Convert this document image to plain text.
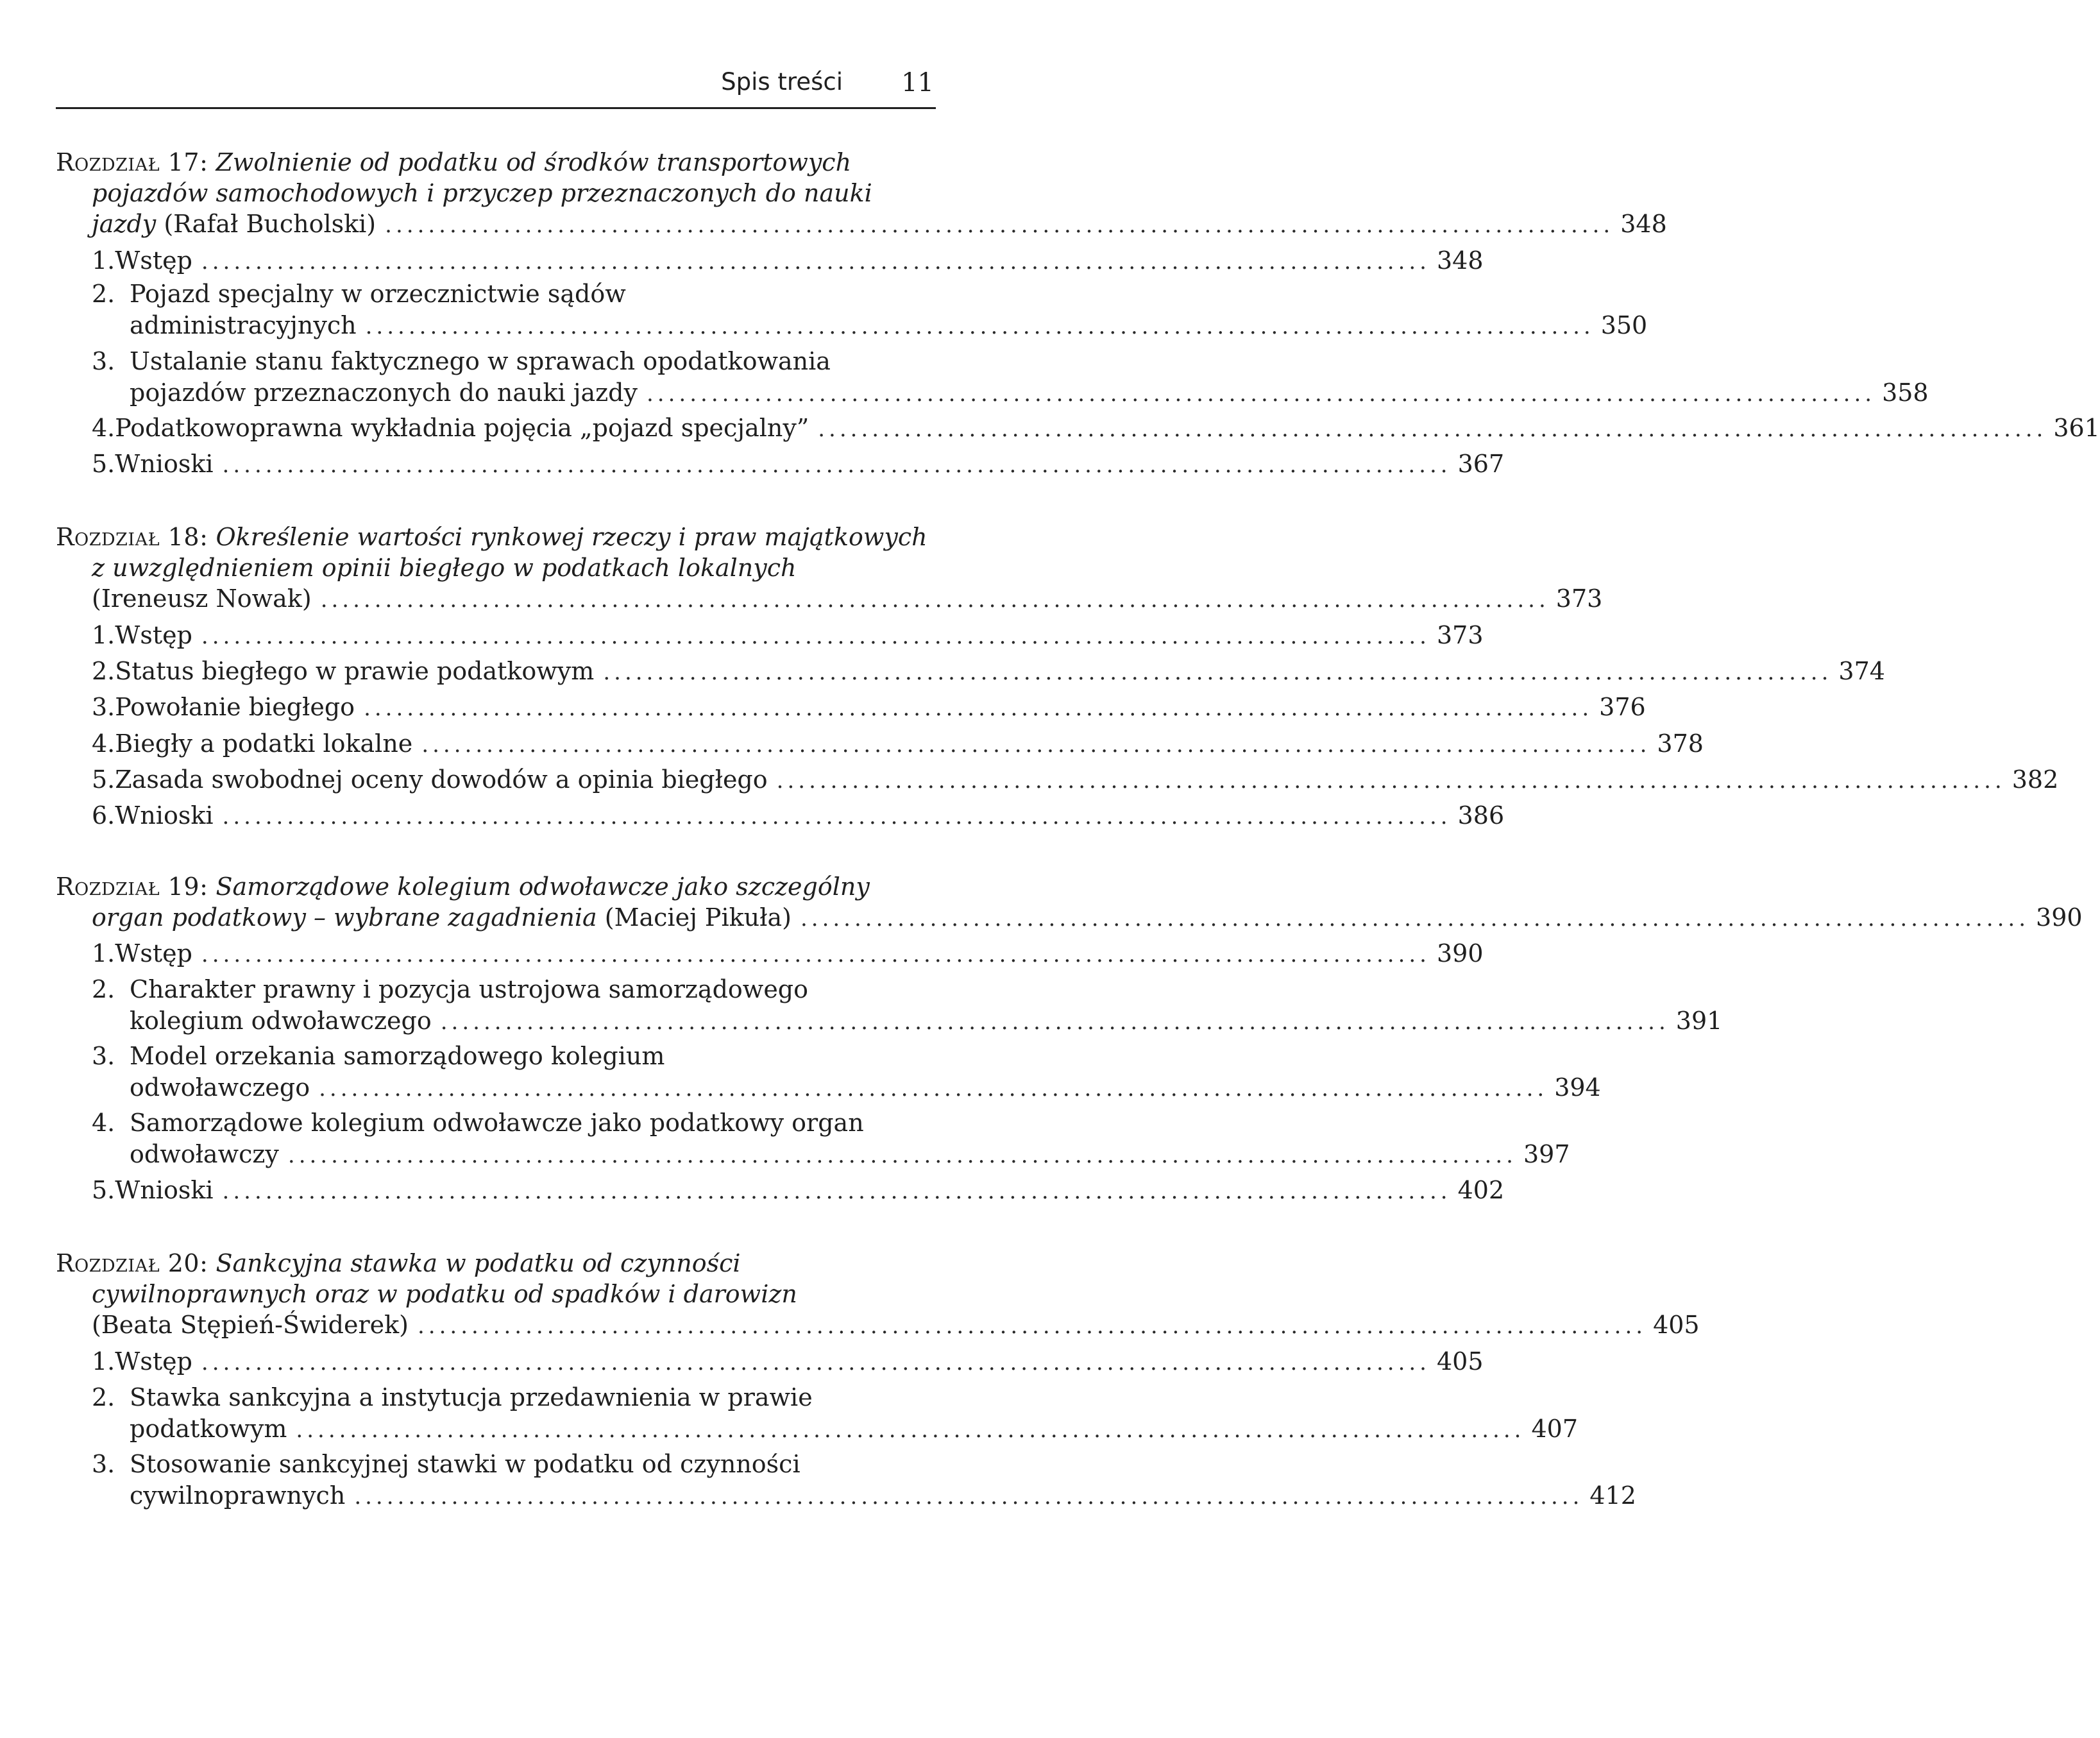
Spis treści 11
Rozdział 17:
Zwolnienie od podatku od środków transportowych
pojazdów samochodowych i przyczep przeznaczonych do nauki
jazdy
(Rafał Bucholski) .................................................................................................................. 348
1. Wstęp .................................................................................................................. 348
2. Pojazd specjalny w orzecznictwie sądów
administracyjnych .................................................................................................................. 350
3. Ustalanie stanu faktycznego w sprawach opodatkowania
pojazdów przeznaczonych do nauki jazdy .................................................................................................................. 358
4. Podatkowoprawna wykładnia pojęcia „pojazd specjalny” .................................................................................................................. 361
5. Wnioski .................................................................................................................. 367
Rozdział 18:
Określenie wartości rynkowej rzeczy i praw majątkowych
z uwzględnieniem opinii biegłego w podatkach lokalnych
(Ireneusz Nowak) .................................................................................................................. 373
1. Wstęp .................................................................................................................. 373
2. Status biegłego w prawie podatkowym .................................................................................................................. 374
3. Powołanie biegłego .................................................................................................................. 376
4. Biegły a podatki lokalne .................................................................................................................. 378
5. Zasada swobodnej oceny dowodów a opinia biegłego .................................................................................................................. 382
6. Wnioski .................................................................................................................. 386
Rozdział 19:
Samorządowe kolegium odwoławcze jako szczególny
organ podatkowy – wybrane zagadnienia
(Maciej Pikuła) .................................................................................................................. 390
1. Wstęp .................................................................................................................. 390
2. Charakter prawny i pozycja ustrojowa samorządowego
kolegium odwoławczego .................................................................................................................. 391
3. Model orzekania samorządowego kolegium
odwoławczego .................................................................................................................. 394
4. Samorządowe kolegium odwoławcze jako podatkowy organ
odwoławczy .................................................................................................................. 397
5. Wnioski .................................................................................................................. 402
Rozdział 20:
Sankcyjna stawka w podatku od czynności
cywilnoprawnych oraz w podatku od spadków i darowizn
(Beata Stępień-Świderek) .................................................................................................................. 405
1. Wstęp .................................................................................................................. 405
2. Stawka sankcyjna a instytucja przedawnienia w prawie
podatkowym .................................................................................................................. 407
3. Stosowanie sankcyjnej stawki w podatku od czynności
cywilnoprawnych .................................................................................................................. 412
